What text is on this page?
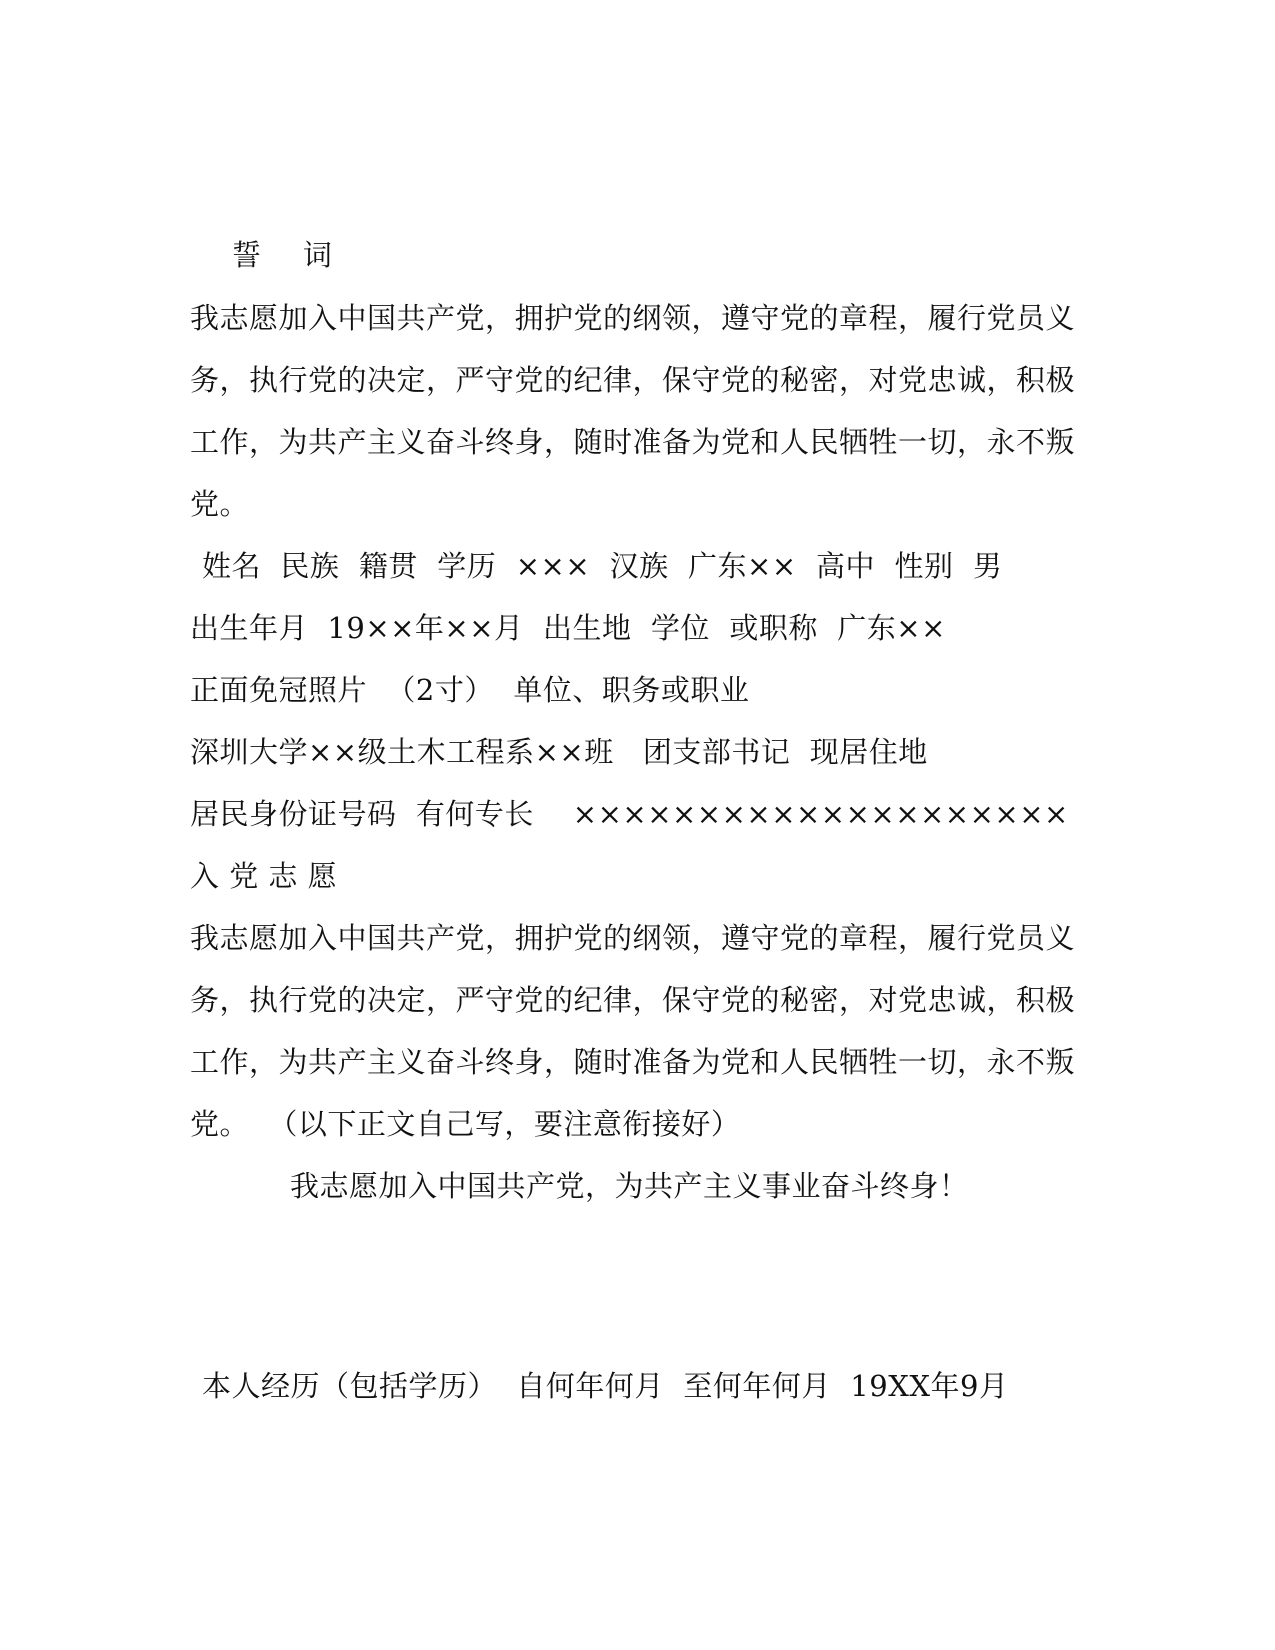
誓    词
我志愿加入中国共产党，拥护党的纲领，遵守党的章程，履行党员义
务，执行党的决定，严守党的纪律，保守党的秘密，对党忠诚，积极
工作，为共产主义奋斗终身，随时准备为党和人民牺牲一切，永不叛
党。
姓名  民族  籍贯  学历  ×××  汉族  广东××  高中  性别  男
出生年月  19××年××月  出生地  学位  或职称  广东××
正面免冠照片  （2寸）  单位、职务或职业
深圳大学××级土木工程系××班   团支部书记  现居住地
居民身份证号码  有何专长    ××××××××××××××××××××
入 党 志 愿
我志愿加入中国共产党，拥护党的纲领，遵守党的章程，履行党员义
务，执行党的决定，严守党的纪律，保守党的秘密，对党忠诚，积极
工作，为共产主义奋斗终身，随时准备为党和人民牺牲一切，永不叛
党。  （以下正文自己写，要注意衔接好）
我志愿加入中国共产党，为共产主义事业奋斗终身！
本人经历（包括学历）  自何年何月  至何年何月  19XX年9月
